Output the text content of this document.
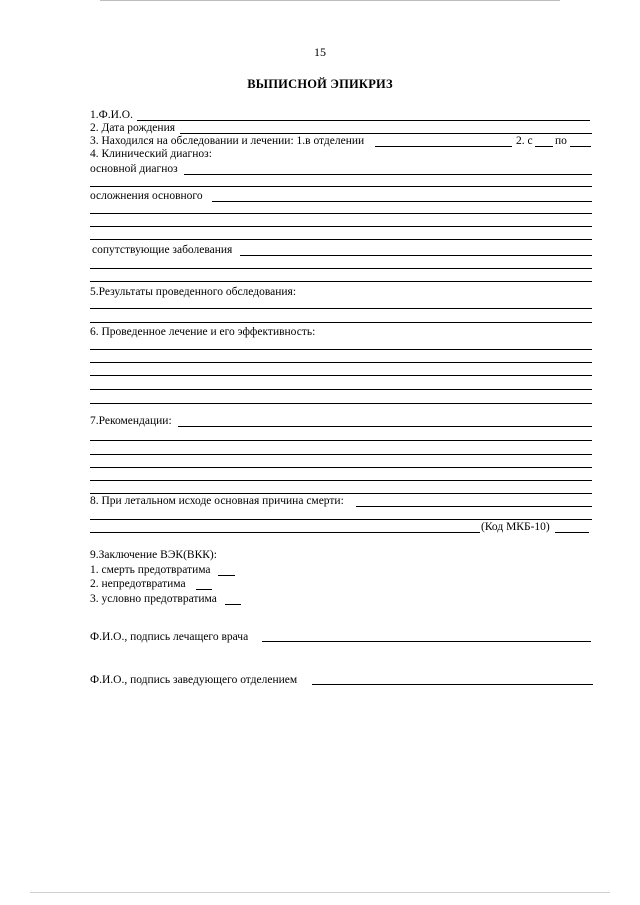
15
ВЫПИСНОЙ ЭПИКРИЗ
1.Ф.И.О.
2. Дата рождения
3. Находился на обследовании и лечении: 1.в отделении	2. с по
4. Клинический диагноз:
основной диагноз
осложнения основного
сопутствующие заболевания
5.Результаты проведенного обследования:
6. Проведенное лечение и его эффективность:
7.Рекомендации:
8. При летальном исходе основная причина смерти:
(Код МКБ-10)
9.Заключение ВЭК(ВКК):
1. смерть предотвратима
2. непредотвратима
3. условно предотвратима
Ф.И.О., подпись лечащего врача
Ф.И.О., подпись заведующего отделением
